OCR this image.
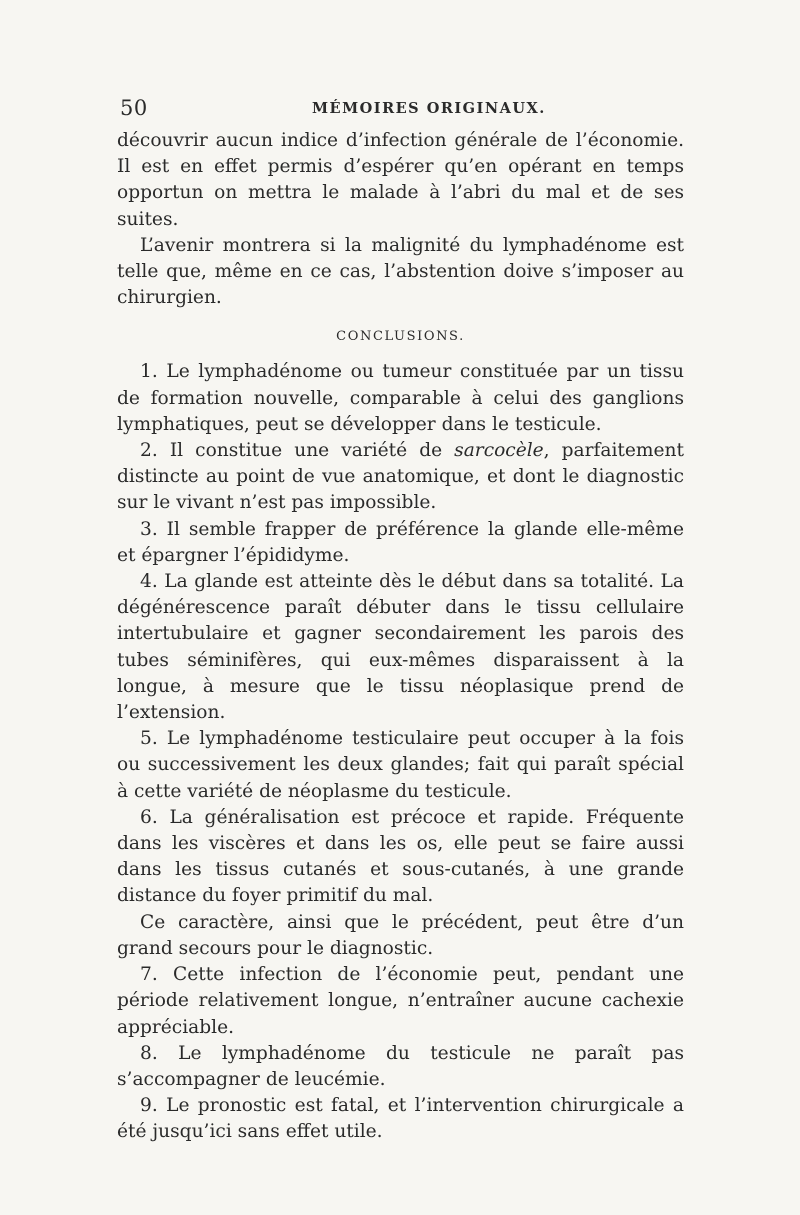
50	MÉMOIRES ORIGINAUX.

découvrir aucun indice d’infection générale de l’économie. Il est en effet permis d’espérer qu’en opérant en temps opportun on mettra le malade à l’abri du mal et de ses suites.

L’avenir montrera si la malignité du lymphadénome est telle que, même en ce cas, l’abstention doive s’imposer au chirurgien.

CONCLUSIONS.

1. Le lymphadénome ou tumeur constituée par un tissu de formation nouvelle, comparable à celui des ganglions lymphatiques, peut se développer dans le testicule.

2. Il constitue une variété de sarcocèle, parfaitement distincte au point de vue anatomique, et dont le diagnostic sur le vivant n’est pas impossible.

3. Il semble frapper de préférence la glande elle-même et épargner l’épididyme.

4. La glande est atteinte dès le début dans sa totalité. La dégénérescence paraît débuter dans le tissu cellulaire intertubulaire et gagner secondairement les parois des tubes séminifères, qui eux-mêmes disparaissent à la longue, à mesure que le tissu néoplasique prend de l’extension.

5. Le lymphadénome testiculaire peut occuper à la fois ou successivement les deux glandes; fait qui paraît spécial à cette variété de néoplasme du testicule.

6. La généralisation est précoce et rapide. Fréquente dans les viscères et dans les os, elle peut se faire aussi dans les tissus cutanés et sous-cutanés, à une grande distance du foyer primitif du mal.

Ce caractère, ainsi que le précédent, peut être d’un grand secours pour le diagnostic.

7. Cette infection de l’économie peut, pendant une période relativement longue, n’entraîner aucune cachexie appréciable.

8. Le lymphadénome du testicule ne paraît pas s’accompagner de leucémie.

9. Le pronostic est fatal, et l’intervention chirurgicale a été jusqu’ici sans effet utile.
